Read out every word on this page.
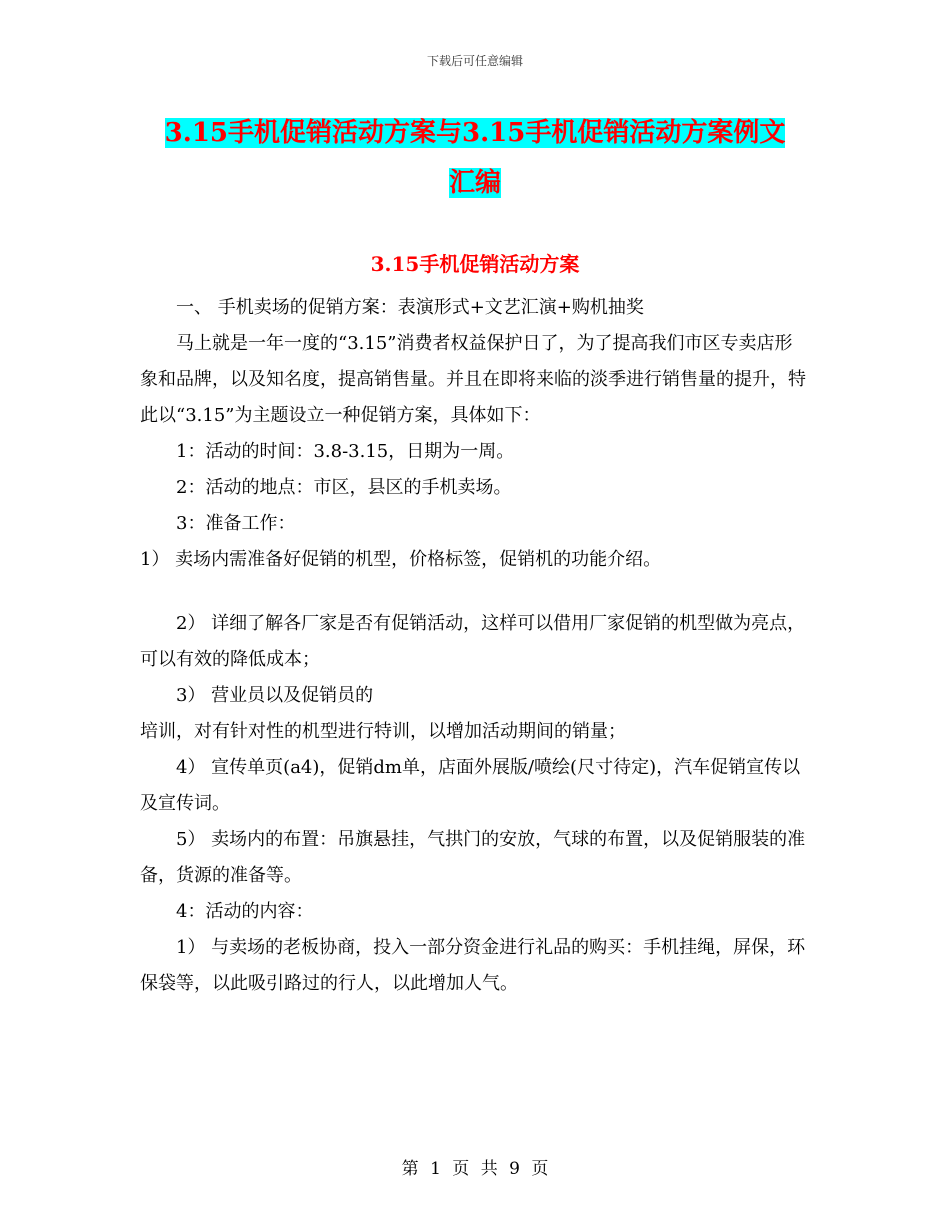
下载后可任意编辑
3.15手机促销活动方案与3.15手机促销活动方案例文
汇编
3.15手机促销活动方案

一、 手机卖场的促销方案：表演形式+文艺汇演+购机抽奖

马上就是一年一度的“3.15”消费者权益保护日了，为了提高我们市区专卖店形象和品牌，以及知名度，提高销售量。并且在即将来临的淡季进行销售量的提升，特此以“3.15”为主题设立一种促销方案，具体如下：

1：活动的时间：3.8-3.15，日期为一周。

2：活动的地点：市区，县区的手机卖场。

3：准备工作：

1） 卖场内需准备好促销的机型，价格标签，促销机的功能介绍。

2） 详细了解各厂家是否有促销活动，这样可以借用厂家促销的机型做为亮点，可以有效的降低成本；

3） 营业员以及促销员的

培训，对有针对性的机型进行特训，以增加活动期间的销量；

4） 宣传单页(a4)，促销dm单，店面外展版/喷绘(尺寸待定)，汽车促销宣传以及宣传词。

5） 卖场内的布置：吊旗悬挂，气拱门的安放，气球的布置，以及促销服装的准备，货源的准备等。

4：活动的内容：

1） 与卖场的老板协商，投入一部分资金进行礼品的购买：手机挂绳，屏保，环保袋等，以此吸引路过的行人，以此增加人气。

第 1 页 共 9 页
